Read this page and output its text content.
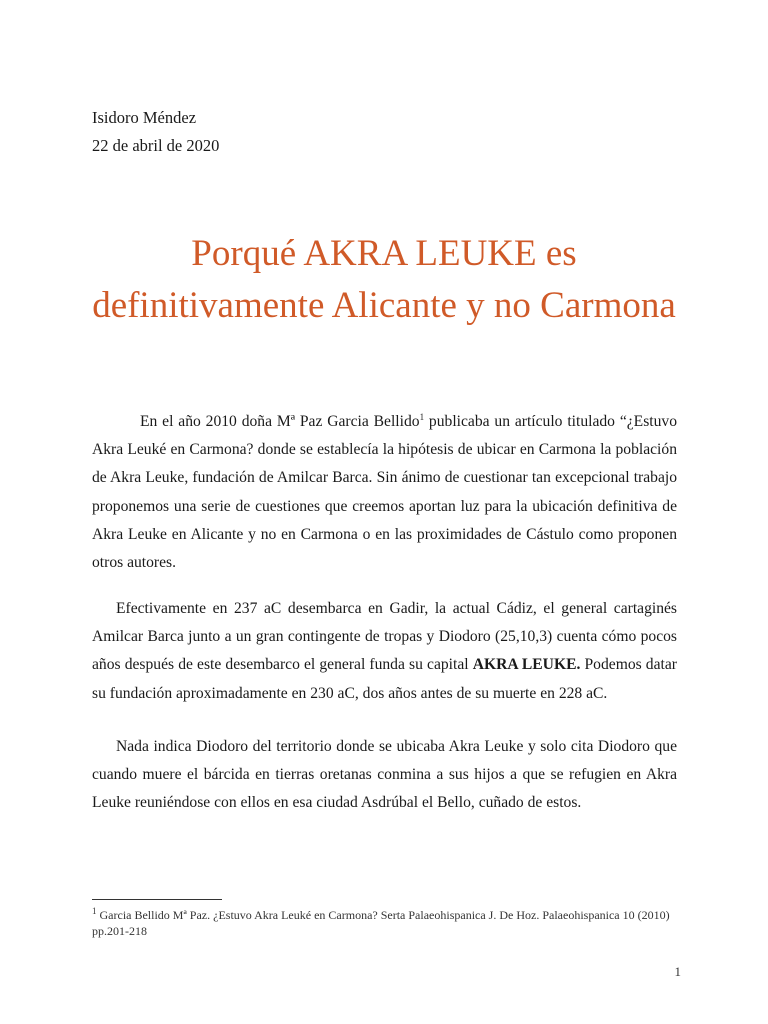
Isidoro Méndez
22 de abril de 2020
Porqué AKRA LEUKE es definitivamente Alicante y no Carmona

En el año 2010 doña Mª Paz Garcia Bellido$^1$ publicaba un artículo titulado “¿Estuvo Akra Leuké en Carmona? donde se establecía la hipótesis de ubicar en Carmona la población de Akra Leuke, fundación de Amilcar Barca. Sin ánimo de cuestionar tan excepcional trabajo proponemos una serie de cuestiones que creemos aportan luz para la ubicación definitiva de Akra Leuke en Alicante y no en Carmona o en las proximidades de Cástulo como proponen otros autores.

Efectivamente en 237 aC desembarca en Gadir, la actual Cádiz, el general cartaginés Amilcar Barca junto a un gran contingente de tropas y Diodoro (25,10,3) cuenta cómo pocos años después de este desembarco el general funda su capital AKRA LEUKE. Podemos datar su fundación aproximadamente en 230 aC, dos años antes de su muerte en 228 aC.

Nada indica Diodoro del territorio donde se ubicaba Akra Leuke y solo cita Diodoro que cuando muere el bárcida en tierras oretanas conmina a sus hijos a que se refugien en Akra Leuke reuniéndose con ellos en esa ciudad Asdrúbal el Bello, cuñado de estos.

$^1$ Garcia Bellido Mª Paz. ¿Estuvo Akra Leuké en Carmona? Serta Palaeohispanica J. De Hoz. Palaeohispanica 10 (2010) pp.201-218

1
